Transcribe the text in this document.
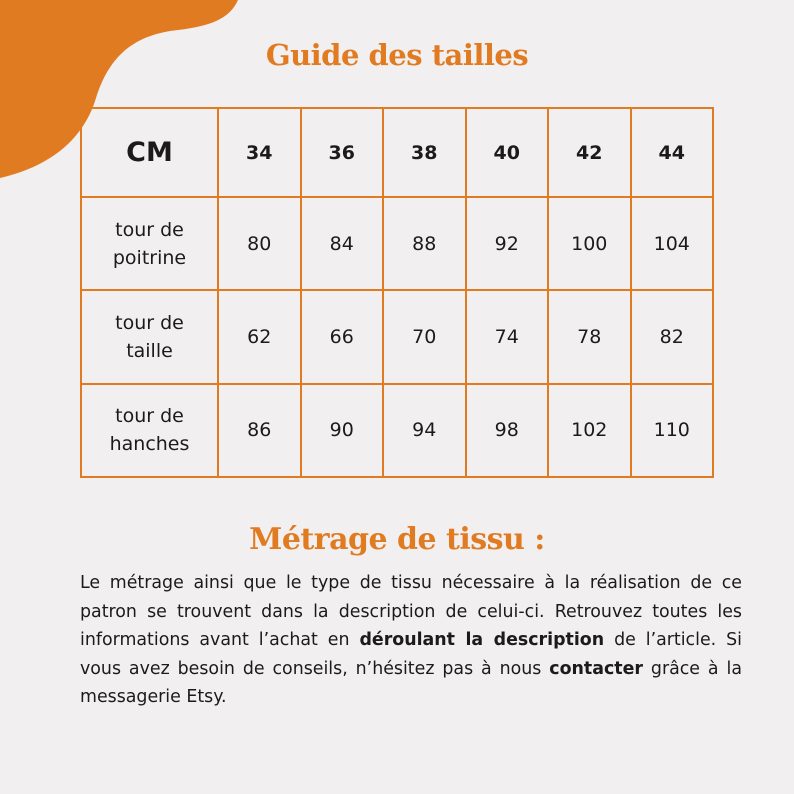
Guide des tailles
CM	34	36	38	40	42	44

tour de
poitrine	80	84	88	92	100	104

tour de
taille	62	66	70	74	78	82

tour de
hanches	86	90	94	98	102	110
Métrage de tissu :

Le métrage ainsi que le type de tissu nécessaire à la réalisation de ce patron se trouvent dans la description de celui-ci. Retrouvez toutes les informations avant l’achat en déroulant la description de l’article. Si vous avez besoin de conseils, n’hésitez pas à nous contacter grâce à la messagerie Etsy.
